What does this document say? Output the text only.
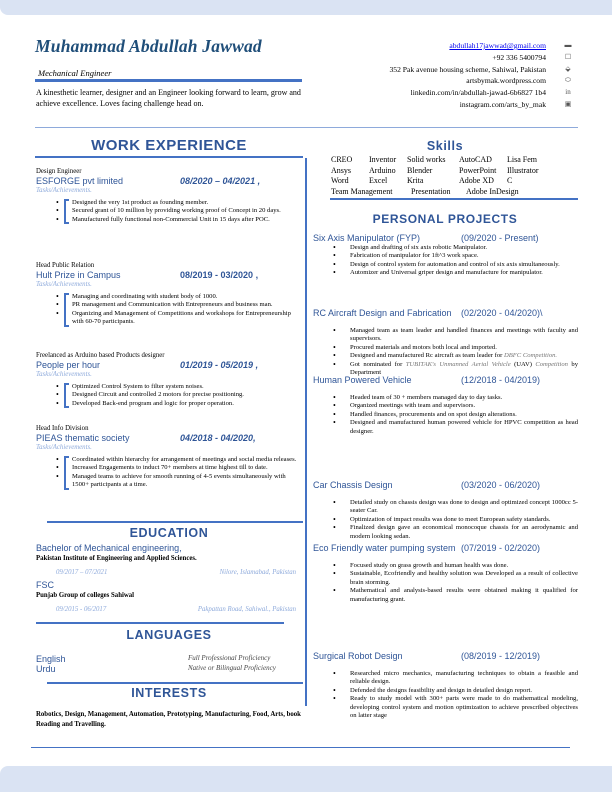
Muhammad Abdullah Jawwad
Mechanical Engineer
A kinesthetic learner, designer and an Engineer looking forward to learn, grow and achieve excellence. Loves facing challenge head on.
abdullah17jawwad@gmail.com
+92 336 5400794
352 Pak avenue housing scheme, Sahiwal, Pakistan
artsbymak.wordpress.com
linkedin.com/in/abdullah-jawad-6b6827 1b4
instagram.com/arts_by_mak
▬
☐
⬙
⬭
in
▣
WORK EXPERIENCE
Design Engineer
ESFORGE pvt limited	08/2020 – 04/2021 ,
Tasks/Achievements.
• Designed the very 1st product as founding member.
• Secured grant of 10 million by providing working proof of Concept in 20 days.
• Manufactured fully functional non-Commercial Unit in 15 days after POC.
Head Public Relation
Hult Prize in Campus	08/2019 - 03/2020 ,
Tasks/Achievements.
• Managing and coordinating with student body of 1000.
• PR management and Communication with Entrepreneurs and business man.
• Organizing and Management of Competitions and workshops for Entrepreneurship with 60-70 participants.
Freelanced as Arduino based Products designer
People per hour	01/2019 - 05/2019 ,
Tasks/Achievements.
• Optimized Control System to filter system noises.
• Designed Circuit and controlled 2 motors for precise positioning.
• Developed Back-end program and logic for proper operation.
Head Info Division
PIEAS thematic society	04/2018 - 04/2020,
Tasks/Achievements.
• Coordinated within hierarchy for arrangement of meetings and social media releases.
• Increased Engagements to induct 70+ members at time highest till to date.
• Managed teams to achieve for smooth running of 4-5 events simultaneously with 1500+ participants at a time.
EDUCATION
Bachelor of Mechanical engineering,
Pakistan Institute of Engineering and Applied Sciences.
09/2017 – 07/2021	Nilore, Islamabad, Pakistan
FSC
Punjab Group of colleges Sahiwal
09/2015 - 06/2017	Pakpattan Road, Sahiwal., Pakistan
LANGUAGES
English	Full Professional Proficiency
Urdu	Native or Bilingual Proficiency
INTERESTS
Robotics, Design, Management, Automation, Prototyping, Manufacturing, Food, Arts, book Reading and Travelling.
Skills
CREO Inventor Solid works AutoCAD Lisa Fem
Ansys Arduino Blender	PowerPoint Illustrator
Word	Excel Krita	Adobe XD C
Team Management Presentation Adobe InDesign
PERSONAL PROJECTS
Six Axis Manipulator (FYP)	(09/2020 - Present)
• Design and drafting of six axis robotic Manipulator.
• Fabrication of manipulator for 1ft^3 work space.
• Design of control system for automation and control of six axis simultaneously.
• Automizer and Universal griper design and manufacture for manipulator.
RC Aircraft Design and Fabrication (02/2020 - 04/2020)\
• Managed team as team leader and handled finances and meetings with faculty and supervisors.
• Procured materials and motors both local and imported.
• Designed and manufactured Rc aircraft as team leader for DBFC Competition.
• Got nominated for TUBITAK's Unmanned Aerial Vehicle (UAV) Competition by Department
Human Powered Vehicle	(12/2018 - 04/2019)
• Headed team of 30 + members managed day to day tasks.
• Organized meetings with team and supervisors.
• Handled finances, procurements and on spot design alterations.
• Designed and manufactured human powered vehicle for HPVC competition as head designer.
Car Chassis Design	(03/2020 - 06/2020)
• Detailed study on chassis design was done to design and optimized concept 1000cc 5-seater Car.
• Optimization of impact results was done to meet European safety standards.
• Finalized design gave an economical monocoque chassis for an aerodynamic and modern looking sedan.
Eco Friendly water pumping system (07/2019 - 02/2020)
• Focused study on grass growth and human health was done.
• Sustainable, Ecofriendly and healthy solution was Developed as a result of collective brain storming.
• Mathematical and analysis-based results were obtained making it qualified for manufacturing grant.
Surgical Robot Design	(08/2019 - 12/2019)
• Researched micro mechanics, manufacturing techniques to obtain a feasible and reliable design.
• Defended the designs feasibility and design in detailed design report.
• Ready to study model with 300+ parts were made to do mathematical modeling, developing control system and motion optimization to achieve prescribed objectives on latter stage
